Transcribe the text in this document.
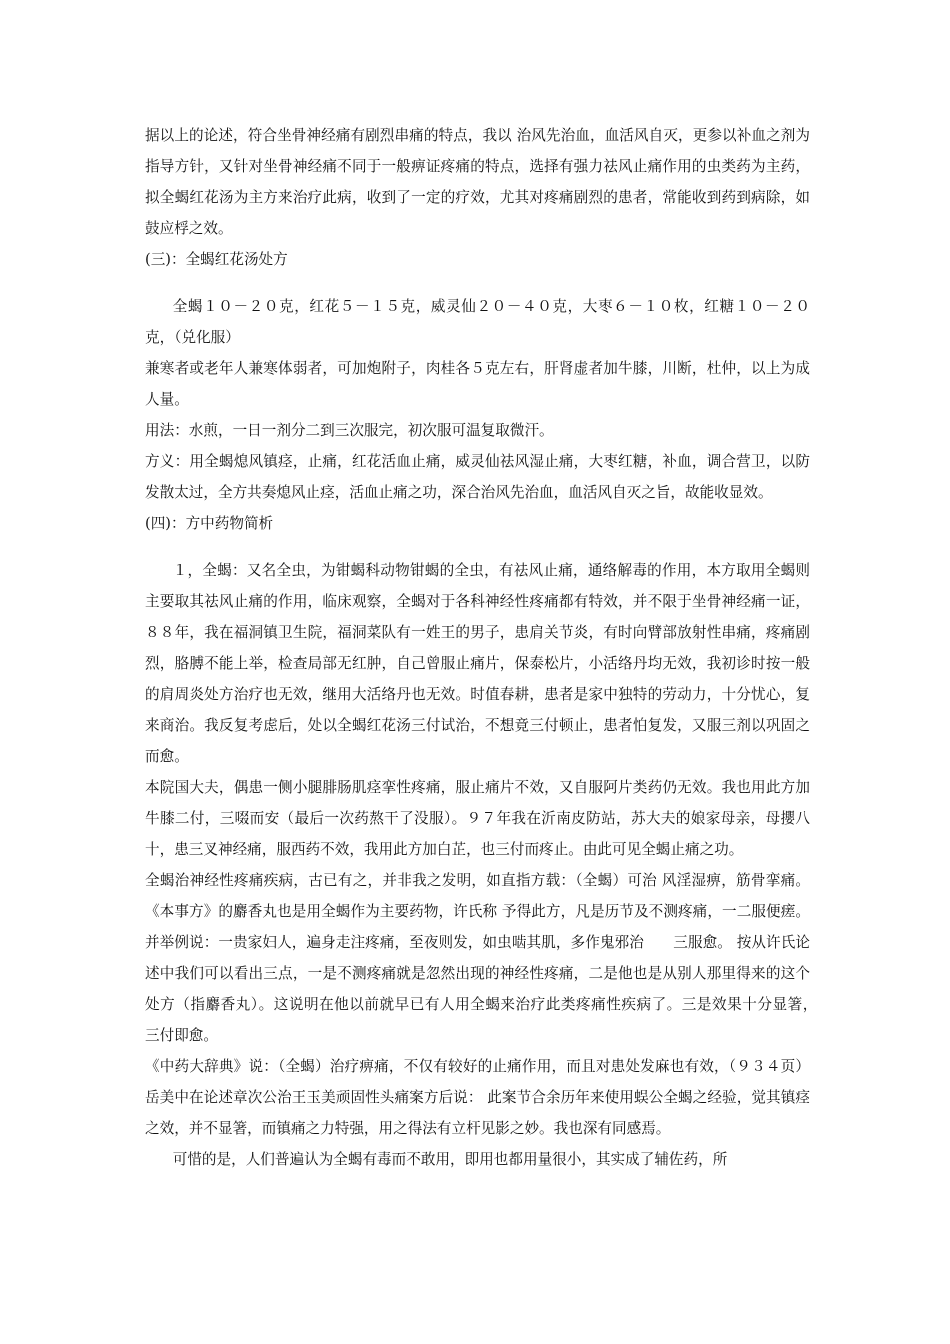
据以上的论述，符合坐骨神经痛有剧烈串痛的特点，我以 治风先治血，血活风自灭，更参以补血之剂为指导方针，又针对坐骨神经痛不同于一般痹证疼痛的特点，选择有强力祛风止痛作用的虫类药为主药，拟全蝎红花汤为主方来治疗此病，收到了一定的疗效，尤其对疼痛剧烈的患者，常能收到药到病除，如鼓应桴之效。

(三)：全蝎红花汤处方

全蝎１０－２０克，红花５－１５克，威灵仙２０－４０克，大枣６－１０枚，红糖１０－２０克，（兑化服）

兼寒者或老年人兼寒体弱者，可加炮附子，肉桂各５克左右，肝肾虚者加牛膝，川断，杜仲，以上为成人量。

用法：水煎，一日一剂分二到三次服完，初次服可温复取微汗。

方义：用全蝎熄风镇痉，止痛，红花活血止痛，威灵仙祛风湿止痛，大枣红糖，补血，调合营卫，以防发散太过，全方共奏熄风止痉，活血止痛之功，深合治风先治血，血活风自灭之旨，故能收显效。

(四)：方中药物简析

１，全蝎：又名全虫，为钳蝎科动物钳蝎的全虫，有祛风止痛，通络解毒的作用，本方取用全蝎则主要取其祛风止痛的作用，临床观察，全蝎对于各科神经性疼痛都有特效，并不限于坐骨神经痛一证，８８年，我在福洞镇卫生院，福洞菜队有一姓王的男子，患肩关节炎，有时向臂部放射性串痛，疼痛剧烈，胳膊不能上举，检查局部无红肿，自己曾服止痛片，保泰松片，小活络丹均无效，我初诊时按一般的肩周炎处方治疗也无效，继用大活络丹也无效。时值春耕，患者是家中独特的劳动力，十分忧心，复来商治。我反复考虑后，处以全蝎红花汤三付试治，不想竟三付顿止，患者怕复发，又服三剂以巩固之而愈。

本院国大夫，偶患一侧小腿腓肠肌痉挛性疼痛，服止痛片不效，又自服阿片类药仍无效。我也用此方加牛膝二付，三啜而安（最后一次药熬干了没服）。９７年我在沂南皮防站，苏大夫的娘家母亲，母攖八十，患三叉神经痛，服西药不效，我用此方加白芷，也三付而疼止。由此可见全蝎止痛之功。

全蝎治神经性疼痛疾病，古已有之，并非我之发明，如直指方载：（全蝎）可治 风淫湿痹，筋骨挛痛。《本事方》的麝香丸也是用全蝎作为主要药物，许氏称 予得此方，凡是历节及不测疼痛，一二服便瘥。 并举例说：一贵家妇人，遍身走注疼痛，至夜则发，如虫啮其肌，多作鬼邪治　　三服愈。 按从许氏论述中我们可以看出三点，一是不测疼痛就是忽然出现的神经性疼痛，二是他也是从别人那里得来的这个处方（指麝香丸）。这说明在他以前就早已有人用全蝎来治疗此类疼痛性疾病了。三是效果十分显箸，　　　三付即愈。

《中药大辞典》说：（全蝎）治疗痹痛，不仅有较好的止痛作用，而且对患处发麻也有效，（９３４页）岳美中在论述章次公治王玉美顽固性头痛案方后说： 此案节合余历年来使用蜈公全蝎之经验，觉其镇痉之效，并不显箸，而镇痛之力特强，用之得法有立杆见影之妙。我也深有同感焉。

可惜的是，人们普遍认为全蝎有毒而不敢用，即用也都用量很小，其实成了辅佐药，所
